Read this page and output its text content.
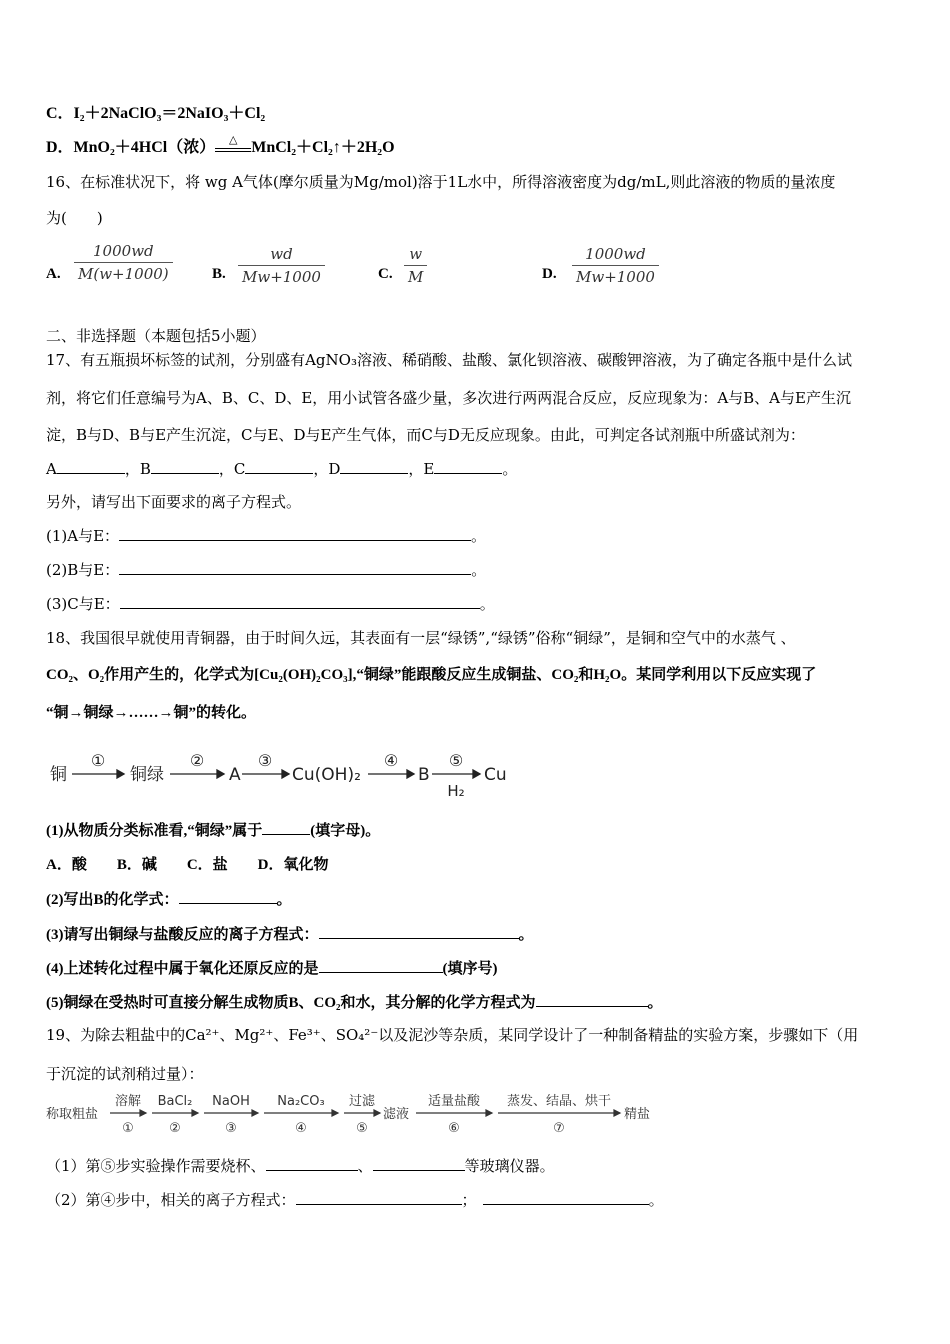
C．I₂＋2NaClO₃＝2NaIO₃＋Cl₂
D．MnO₂＋4HCl（浓）	△ MnCl₂＋Cl₂↑＋2H₂O
16、在标准状况下，将 wg A气体(摩尔质量为Mg/mol)溶于1L水中，所得溶液密度为dg/mL,则此溶液的物质的量浓度
为(　　)
A. $\frac{1000wd}{M(w+1000)}$	B. $\frac{wd}{Mw+1000}$	C. $\frac{w}{M}$	D. $\frac{1000wd}{Mw+1000}$
二、非选择题（本题包括5小题）
17、有五瓶损坏标签的试剂，分别盛有AgNO₃溶液、稀硝酸、盐酸、氯化钡溶液、碳酸钾溶液，为了确定各瓶中是什么试
剂，将它们任意编号为A、B、C、D、E，用小试管各盛少量，多次进行两两混合反应，反应现象为：A与B、A与E产生沉
淀，B与D、B与E产生沉淀，C与E、D与E产生气体，而C与D无反应现象。由此，可判定各试剂瓶中所盛试剂为：
A	，B	，C	，D	，E	。
另外，请写出下面要求的离子方程式。
(1)A与E：	。
(2)B与E：	。
(3)C与E：	。
18、我国很早就使用青铜器，由于时间久远，其表面有一层“绿锈”,“绿锈”俗称“铜绿”，是铜和空气中的水蒸气 、
CO₂、O₂作用产生的，化学式为[Cu₂(OH)₂CO₃],“铜绿”能跟酸反应生成铜盐、CO₂和H₂O。某同学利用以下反应实现了
“铜→铜绿→……→铜”的转化。
铜	铜绿	A	Cu(OH)₂	B	Cu
①	②	③	④	⑤
H₂
(1)从物质分类标准看,“铜绿”属于	(填字母)。
A．酸　　B．碱　　C．盐　　D．氧化物
(2)写出B的化学式：	。
(3)请写出铜绿与盐酸反应的离子方程式：	。
(4)上述转化过程中属于氧化还原反应的是	(填序号)
(5)铜绿在受热时可直接分解生成物质B、CO₂和水，其分解的化学方程式为	。
19、为除去粗盐中的Ca²⁺、Mg²⁺、Fe³⁺、SO₄²⁻以及泥沙等杂质，某同学设计了一种制备精盐的实验方案，步骤如下（用
于沉淀的试剂稍过量）：
称取粗盐	滤液	精盐
溶解
①
BaCl₂
②
NaOH
③
Na₂CO₃
④
过滤
⑤
适量盐酸
⑥
蒸发、结晶、烘干
⑦
（1）第⑤步实验操作需要烧杯、	、	等玻璃仪器。
（2）第④步中，相关的离子方程式：	；	。
